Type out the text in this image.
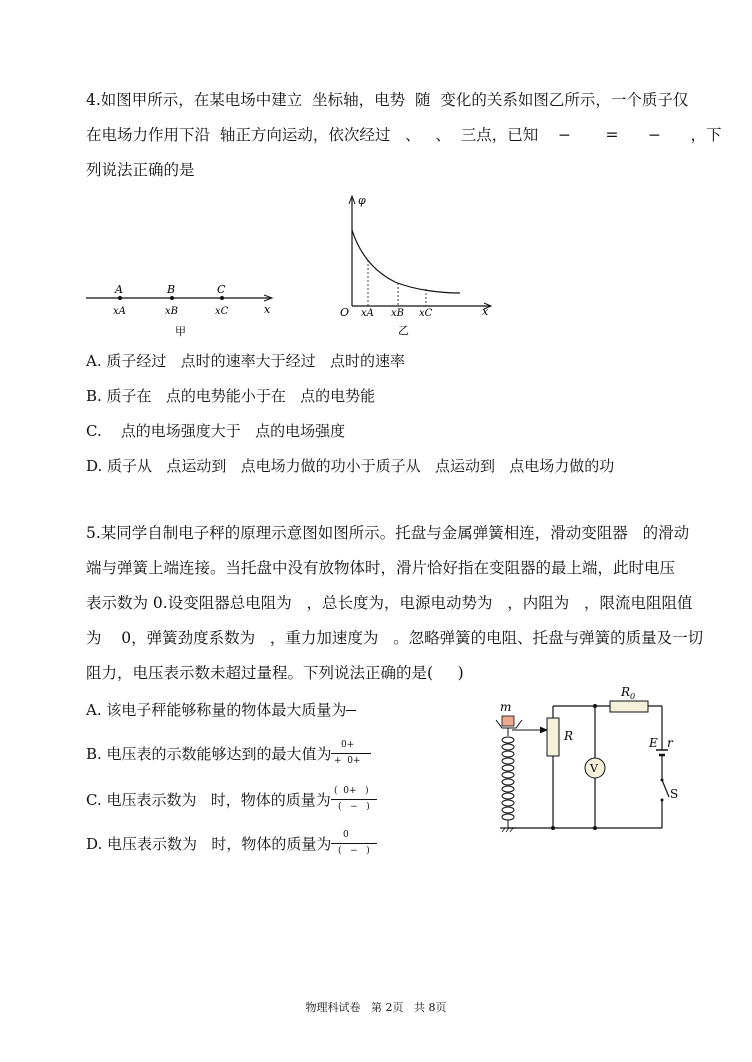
4.如图甲所示，在某电场中建立  坐标轴，电势  随  变化的关系如图乙所示，一个质子仅
在电场力作用下沿  轴正方向运动，依次经过   、   、  三点，已知    −       =      −      ，下
列说法正确的是
A	B	C
xA	xB	xC	x
甲
φ
O xA xB xC	x
乙
A. 质子经过   点时的速率大于经过   点时的速率
B. 质子在   点的电势能小于在   点的电势能
C.    点的电场强度大于   点的电场强度
D. 质子从   点运动到   点电场力做的功小于质子从   点运动到   点电场力做的功
5.某同学自制电子秤的原理示意图如图所示。托盘与金属弹簧相连，滑动变阻器   的滑动
端与弹簧上端连接。当托盘中没有放物体时，滑片恰好指在变阻器的最上端，此时电压
表示数为 0.设变阻器总电阻为   ，总长度为，电源电动势为   ，内阻为   ，限流电阻阻值
为    0，弹簧劲度系数为   ，重力加速度为   。忽略弹簧的电阻、托盘与弹簧的质量及一切
阻力，电压表示数未超过量程。下列说法正确的是(     )
A. 该电子秤能够称量的物体最大质量为
B. 电压表的示数能够达到的最大值为 0+
+  0+
C. 电压表示数为   时，物体的质量为 (  0+   )
(   −   )
D. 电压表示数为   时，物体的质量为 0
(   −   )
$R_0$
E r
S
V
R
m
物理科试卷   第 2页   共 8页
